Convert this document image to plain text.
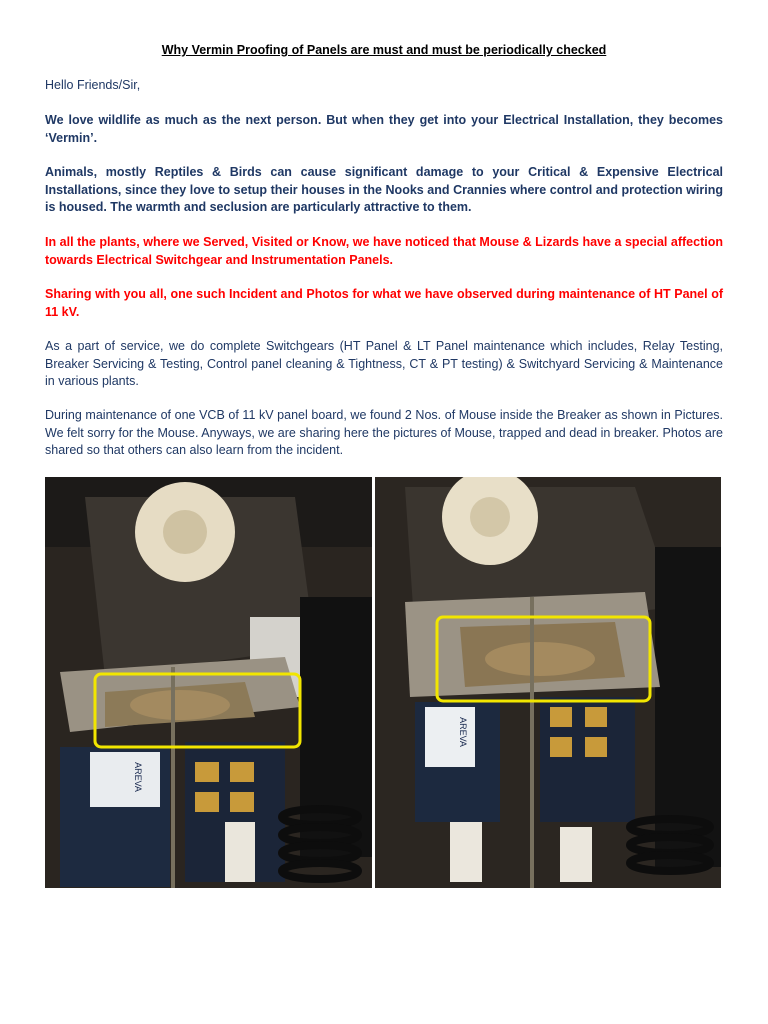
Why Vermin Proofing of Panels are must and must be periodically checked

Hello Friends/Sir,

We love wildlife as much as the next person. But when they get into your Electrical Installation, they becomes ‘Vermin’.

Animals, mostly Reptiles & Birds can cause significant damage to your Critical & Expensive Electrical Installations, since they love to setup their houses in the Nooks and Crannies where control and protection wiring is housed. The warmth and seclusion are particularly attractive to them.

In all the plants, where we Served, Visited or Know, we have noticed that Mouse & Lizards have a special affection towards Electrical Switchgear and Instrumentation Panels.

Sharing with you all, one such Incident and Photos for what we have observed during maintenance of HT Panel of 11 kV.

As a part of service, we do complete Switchgears (HT Panel & LT Panel maintenance which includes, Relay Testing, Breaker Servicing & Testing, Control panel cleaning & Tightness, CT & PT testing) & Switchyard Servicing & Maintenance in various plants.

During maintenance of one VCB of 11 kV panel board, we found 2 Nos. of Mouse inside the Breaker as shown in Pictures. We felt sorry for the Mouse. Anyways, we are sharing here the pictures of Mouse, trapped and dead in breaker. Photos are shared so that others can also learn from the incident.

AREVA
AREVA
